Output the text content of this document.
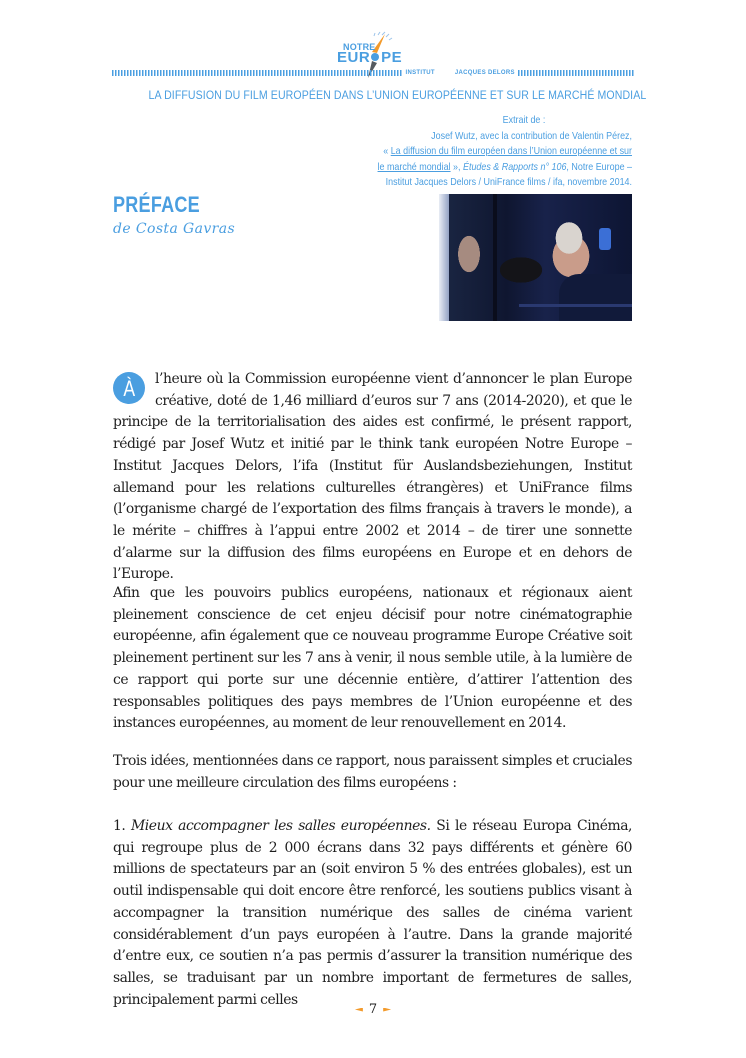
NOTRE
EUR PE
INSTITUT	JACQUES DELORS
LA DIFFUSION DU FILM EUROPÉEN DANS L’UNION EUROPÉENNE ET SUR LE MARCHÉ MONDIAL
Extrait de :
Josef Wutz, avec la contribution de Valentin Pérez,
« La diffusion du film européen dans l’Union européenne et sur
le marché mondial », Études & Rapports n° 106, Notre Europe –
Institut Jacques Delors / UniFrance films / ifa, novembre 2014.
PRÉFACE
de Costa Gavras
À	l’heure où la Commission européenne vient d’annoncer le plan Europe créative, doté de 1,46 milliard d’euros sur 7 ans (2014-2020), et que le principe de la territorialisation des aides est confirmé, le présent rapport, rédigé par Josef Wutz et initié par le think tank européen Notre Europe – Institut Jacques Delors, l’ifa (Institut für Auslandsbeziehungen, Institut allemand pour les relations culturelles étrangères) et UniFrance films (l’organisme chargé de l’exportation des films français à travers le monde), a le mérite – chiffres à l’appui entre 2002 et 2014 – de tirer une sonnette d’alarme sur la diffusion des films européens en Europe et en dehors de l’Europe.

Afin que les pouvoirs publics européens, nationaux et régionaux aient pleinement conscience de cet enjeu décisif pour notre cinématographie européenne, afin également que ce nouveau programme Europe Créative soit pleinement pertinent sur les 7 ans à venir, il nous semble utile, à la lumière de ce rapport qui porte sur une décennie entière, d’attirer l’attention des responsables politiques des pays membres de l’Union européenne et des instances européennes, au moment de leur renouvellement en 2014.

Trois idées, mentionnées dans ce rapport, nous paraissent simples et cruciales pour une meilleure circulation des films européens :

1. Mieux accompagner les salles européennes. Si le réseau Europa Cinéma, qui regroupe plus de 2 000 écrans dans 32 pays différents et génère 60 millions de spectateurs par an (soit environ 5 % des entrées globales), est un outil indispensable qui doit encore être renforcé, les soutiens publics visant à accompagner la transition numérique des salles de cinéma varient considérablement d’un pays européen à l’autre. Dans la grande majorité d’entre eux, ce soutien n’a pas permis d’assurer la transition numérique des salles, se traduisant par un nombre important de fermetures de salles, principalement parmi celles

7
